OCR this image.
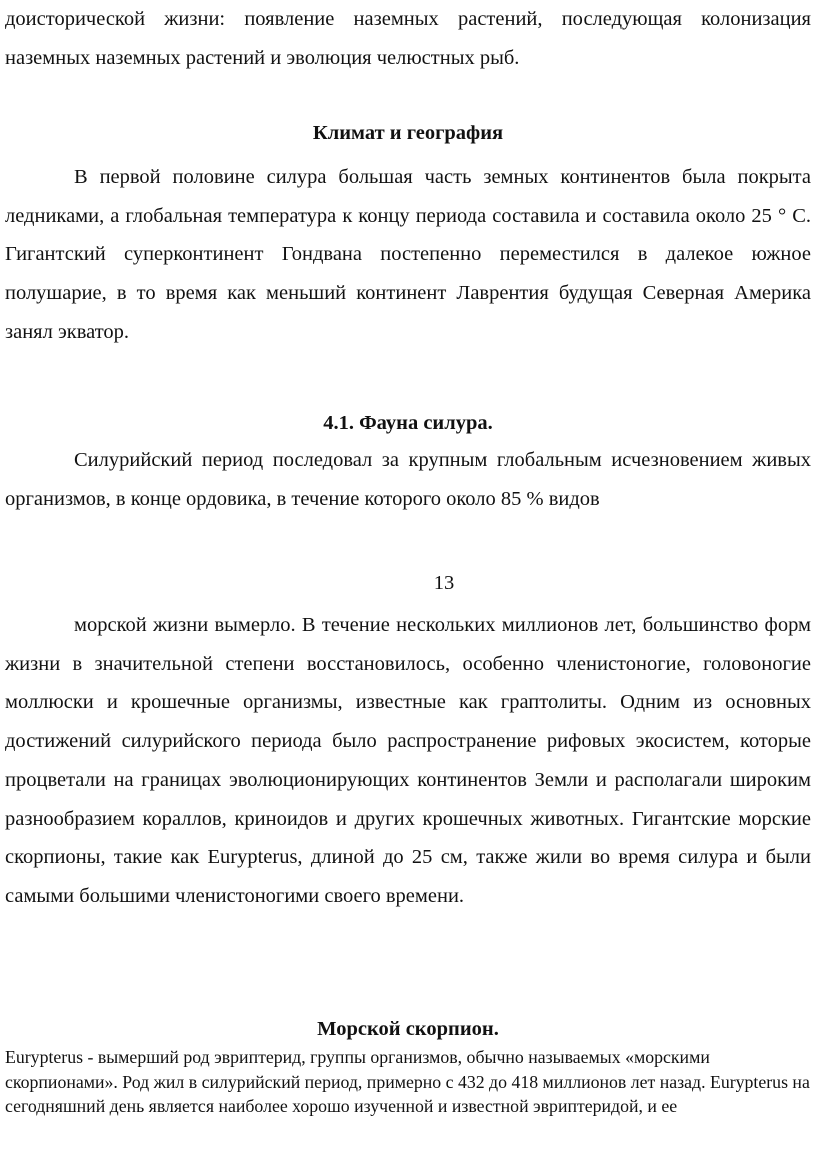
доисторической жизни: появление наземных растений, последующая колонизация наземных наземных растений и эволюция челюстных рыб.

Климат и география

В первой половине силура большая часть земных континентов была покрыта ледниками, а глобальная температура к концу периода составила и составила около 25 ° C. Гигантский суперконтинент Гондвана постепенно переместился в далекое южное полушарие, в то время как меньший континент Лаврентия будущая Северная Америка занял экватор.

4.1. Фауна силура.

Силурийский период последовал за крупным глобальным исчезновением живых организмов, в конце ордовика, в течение которого около 85 % видов

13

морской жизни вымерло. В течение нескольких миллионов лет, большинство форм жизни в значительной степени восстановилось, особенно членистоногие, головоногие моллюски и крошечные организмы, известные как граптолиты. Одним из основных достижений силурийского периода было распространение рифовых экосистем, которые процветали на границах эволюционирующих континентов Земли и располагали широким разнообразием кораллов, криноидов и других крошечных животных. Гигантские морские скорпионы, такие как Eurypterus, длиной до 25 см, также жили во время силура и были самыми большими членистоногими своего времени.

Морской скорпион.

Eurypterus - вымерший род эвриптерид, группы организмов, обычно называемых «морскими скорпионами». Род жил в силурийский период, примерно с 432 до 418 миллионов лет назад. Eurypterus на сегодняшний день является наиболее хорошо изученной и известной эвриптеридой, и ее
